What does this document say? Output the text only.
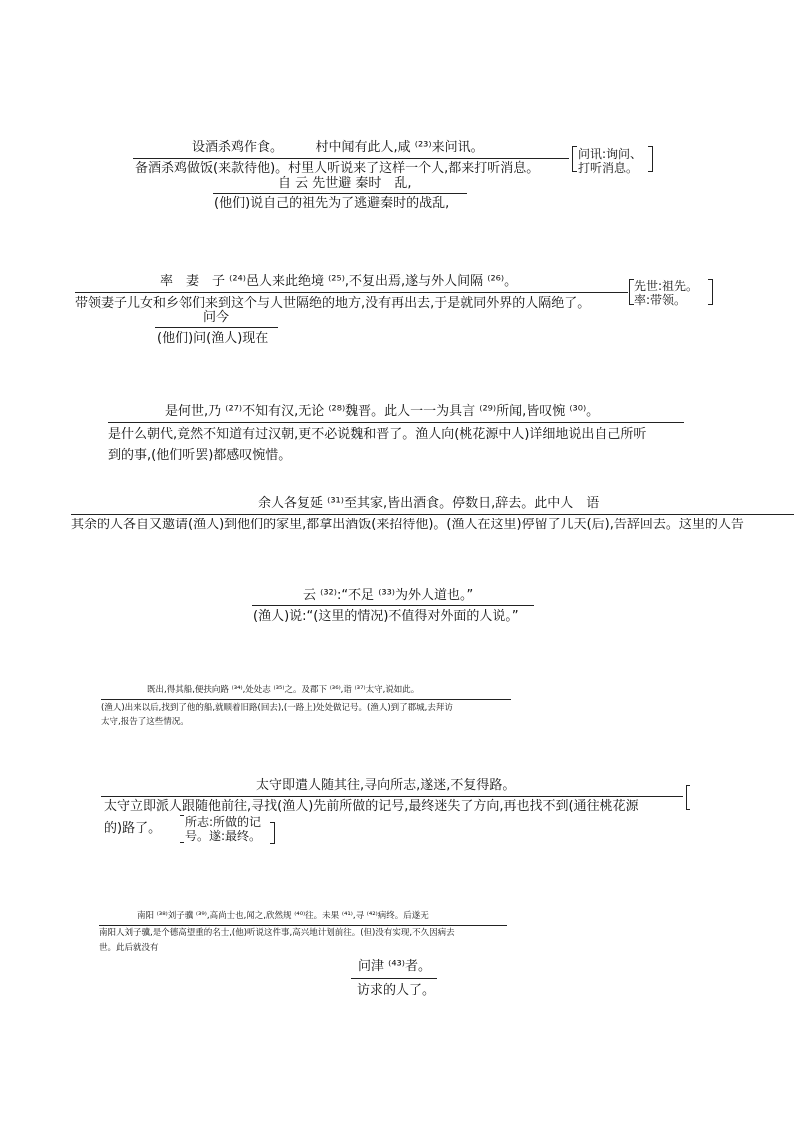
设酒杀鸡作食。　　　村中闻有此人,咸 ⁽²³⁾来问讯。
备酒杀鸡做饭(来款待他)。村里人听说来了这样一个人,都来打听消息。
问讯:询问、
打听消息。
自 云 先世避 秦时　乱,
(他们)说自己的祖先为了逃避秦时的战乱,
率　妻　子 ⁽²⁴⁾邑人来此绝境 ⁽²⁵⁾,不复出焉,遂与外人间隔 ⁽²⁶⁾。
带领妻子儿女和乡邻们来到这个与人世隔绝的地方,没有再出去,于是就同外界的人隔绝了。
先世:祖先。
率:带领。
问今
(他们)问(渔人)现在
是何世,乃 ⁽²⁷⁾不知有汉,无论 ⁽²⁸⁾魏晋。此人一一为具言 ⁽²⁹⁾所闻,皆叹惋 ⁽³⁰⁾。
是什么朝代,竟然不知道有过汉朝,更不必说魏和晋了。渔人向(桃花源中人)详细地说出自己所听
到的事,(他们听罢)都感叹惋惜。
余人各复延 ⁽³¹⁾至其家,皆出酒食。停数日,辞去。此中人　语
其余的人各自又邀请(渔人)到他们的家里,都拿出酒饭(来招待他)。(渔人在这里)停留了几天(后),告辞回去。这里的人告
云 ⁽³²⁾:“不足 ⁽³³⁾为外人道也。”
(渔人)说:“(这里的情况)不值得对外面的人说。”
既出,得其船,便扶向路 ⁽³⁴⁾,处处志 ⁽³⁵⁾之。及郡下 ⁽³⁶⁾,诣 ⁽³⁷⁾太守,说如此。
(渔人)出来以后,找到了他的船,就顺着旧路(回去),(一路上)处处做记号。(渔人)到了郡城,去拜访
太守,报告了这些情况。
太守即遣人随其往,寻向所志,遂迷,不复得路。
太守立即派人跟随他前往,寻找(渔人)先前所做的记号,最终迷失了方向,再也找不到(通往桃花源
的)路了。 所志:所做的记
号。遂:最终。
南阳 ⁽³⁸⁾刘子骥 ⁽³⁹⁾,高尚士也,闻之,欣然规 ⁽⁴⁰⁾往。未果 ⁽⁴¹⁾,寻 ⁽⁴²⁾病终。后遂无
南阳人刘子骥,是个德高望重的名士,(他)听说这件事,高兴地计划前往。(但)没有实现,不久因病去
世。此后就没有
问津 ⁽⁴³⁾者。
访求的人了。
